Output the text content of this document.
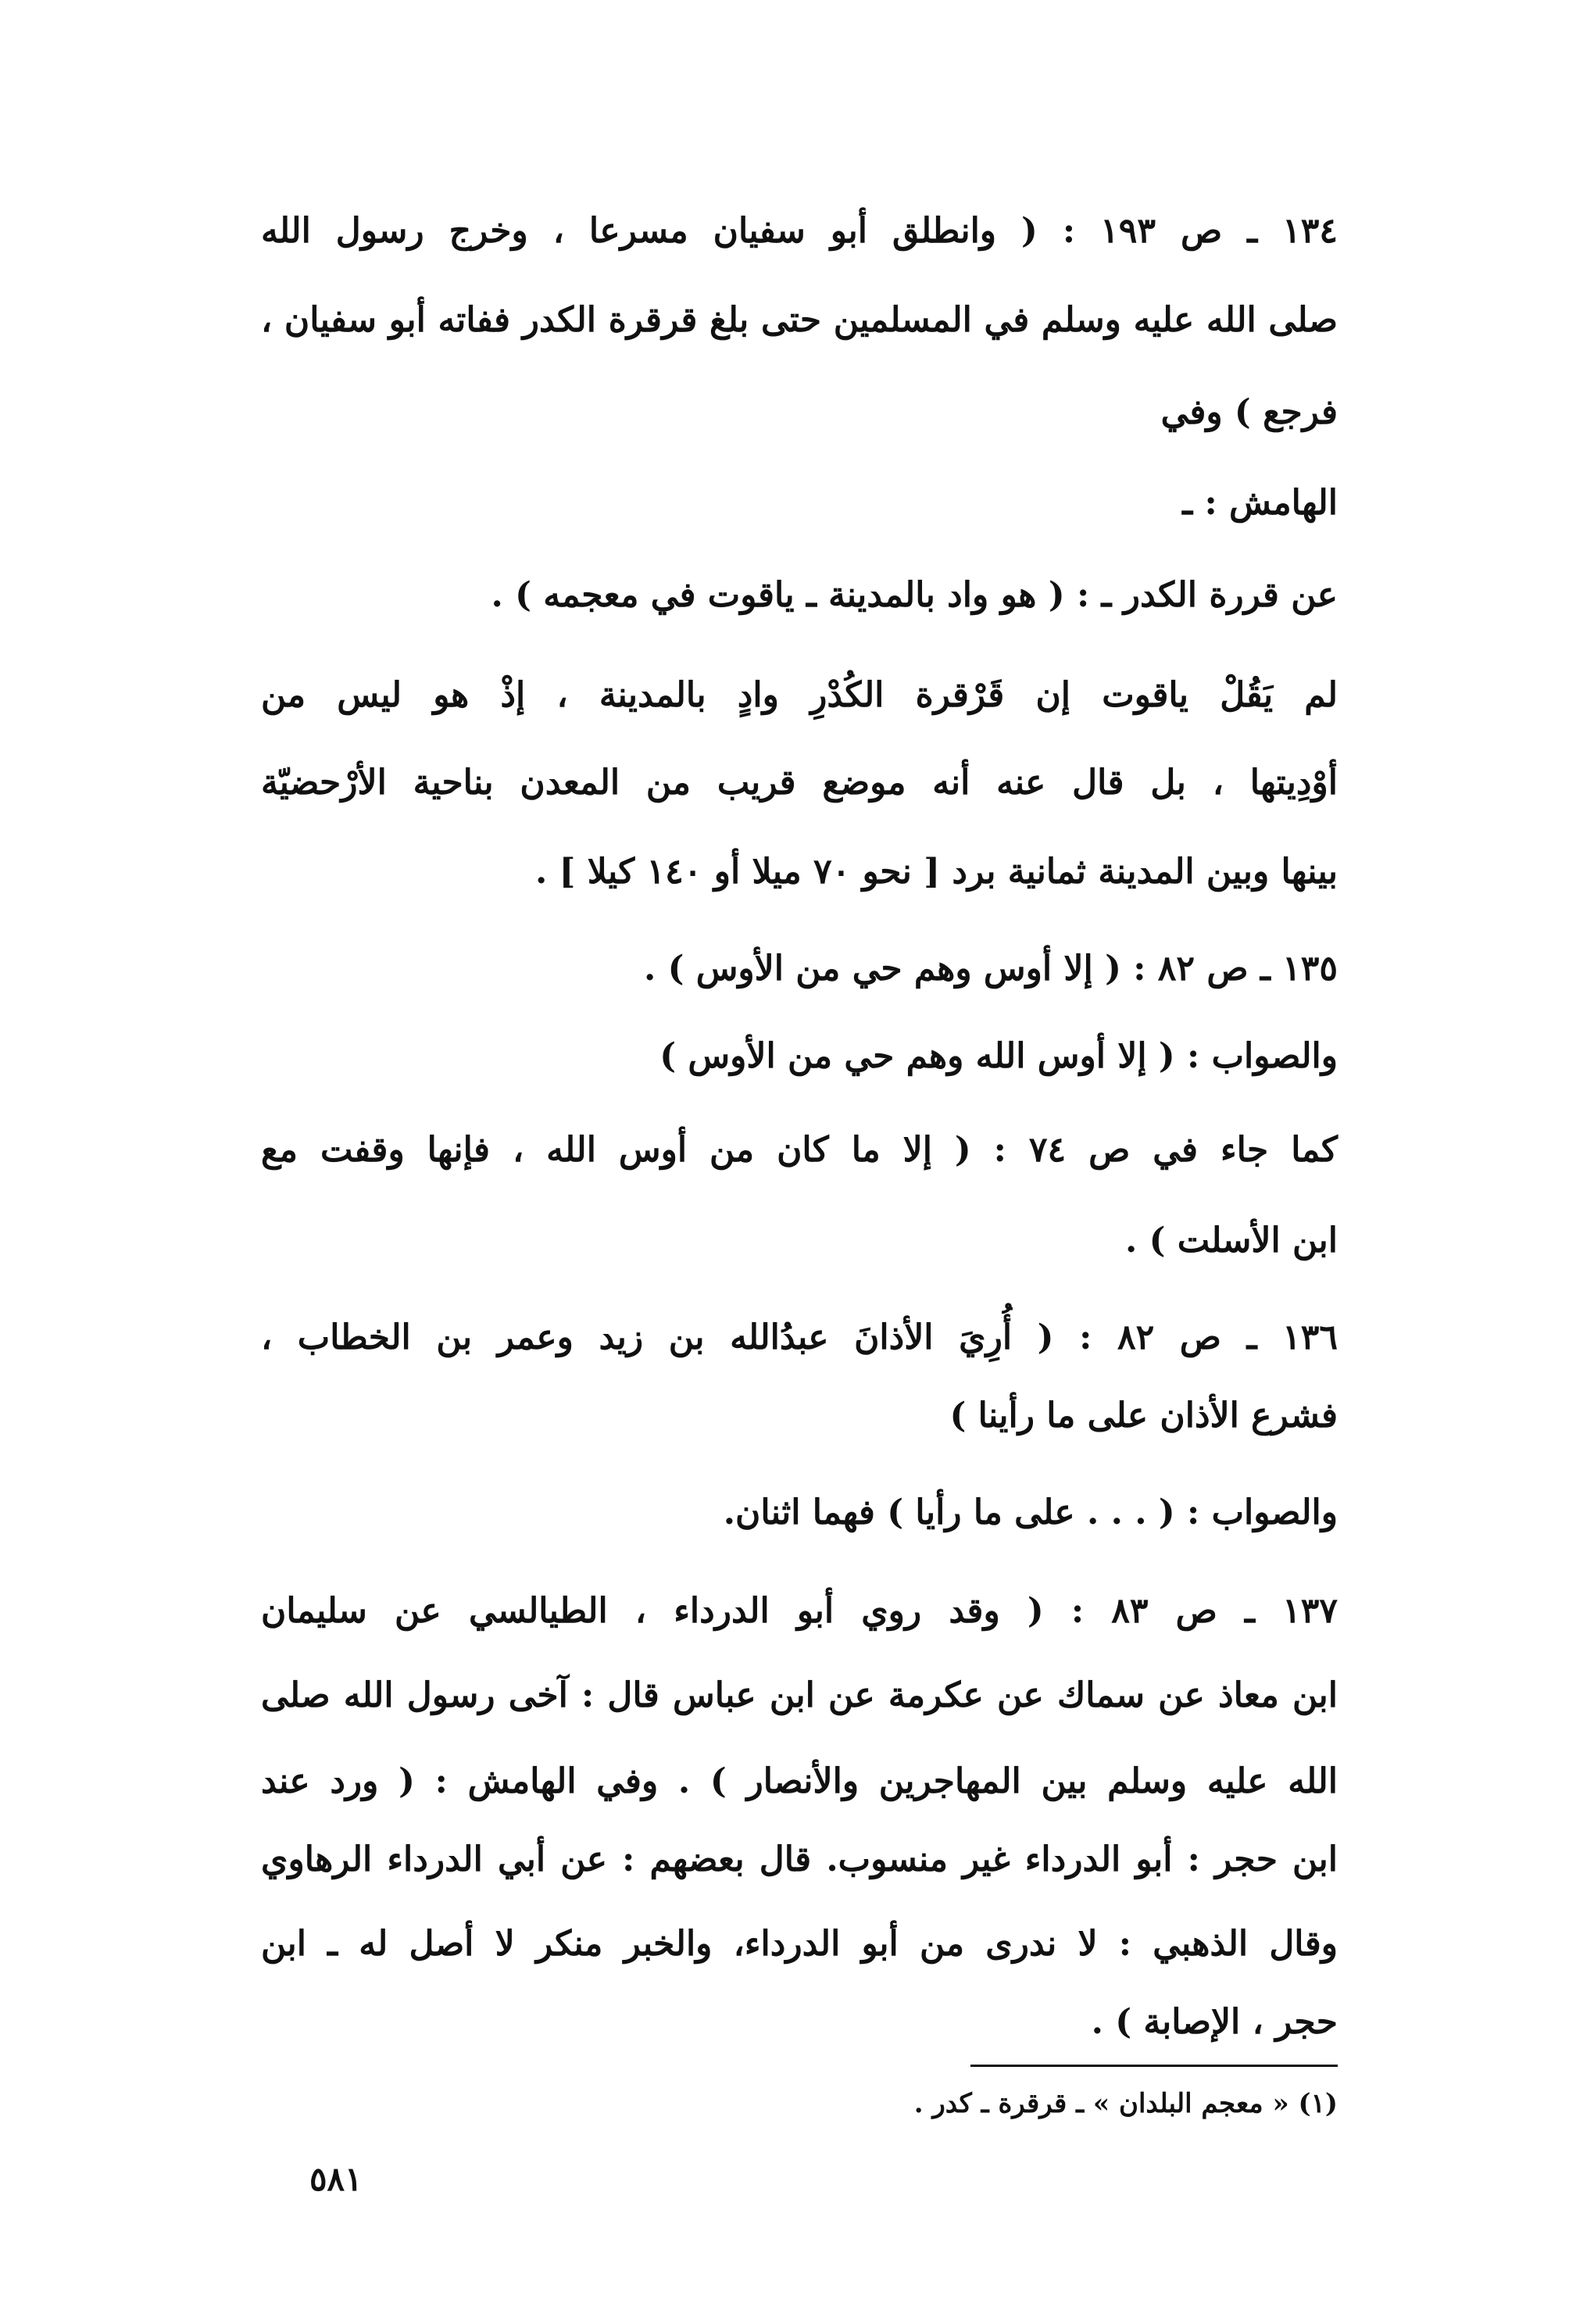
١٣٤ ـ ص ١٩٣ : ( وانطلق أبو سفيان مسرعا ، وخرج رسول الله
صلى الله عليه وسلم في المسلمين حتى بلغ قرقرة الكدر ففاته أبو سفيان ،
فرجع ) وفي
الهامش : ـ
عن قررة الكدر ـ : ( هو واد بالمدينة ـ ياقوت في معجمه ) .
لم يَقُلْ ياقوت إن قَرْقرة الكُدْرِ وادٍ بالمدينة ، إذْ هو ليس من
أوْدِيتها ، بل قال عنه أنه موضع قريب من المعدن بناحية الأرْحضيّة
بينها وبين المدينة ثمانية برد [ نحو ٧٠ ميلا أو ١٤٠ كيلا ] .
١٣٥ ـ ص ٨٢ : ( إلا أوس وهم حي من الأوس ) .
والصواب : ( إلا أوس الله وهم حي من الأوس )
كما جاء في ص ٧٤ : ( إلا ما كان من أوس الله ، فإنها وقفت مع
ابن الأسلت ) .
١٣٦ ـ ص ٨٢ : ( أُرِيَ الأذانَ عبدُالله بن زيد وعمر بن الخطاب ،
فشرع الأذان على ما رأينا )
والصواب : ( . . . على ما رأيا ) فهما اثنان.
١٣٧ ـ ص ٨٣ : ( وقد روي أبو الدرداء ، الطيالسي عن سليمان
ابن معاذ عن سماك عن عكرمة عن ابن عباس قال : آخى رسول الله صلى
الله عليه وسلم بين المهاجرين والأنصار ) . وفي الهامش : ( ورد عند
ابن حجر : أبو الدرداء غير منسوب. قال بعضهم : عن أبي الدرداء الرهاوي
وقال الذهبي : لا ندرى من أبو الدرداء، والخبر منكر لا أصل له ـ ابن
حجر ، الإصابة ) .
(١) « معجم البلدان » ـ قرقرة ـ كدر .
٥٨١
